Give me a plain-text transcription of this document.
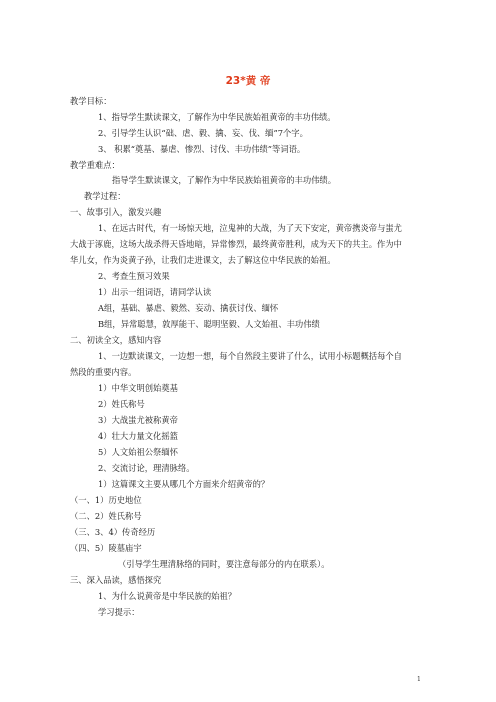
23*黄 帝
教学目标：
1、指导学生默读课文，了解作为中华民族始祖黄帝的丰功伟绩。
2、引导学生认识“础、虐、毅、擒、妄、伐、缅”7个字。
3、 积累“奠基、暴虐、惨烈、讨伐、丰功伟绩”等词语。
教学重难点：
指导学生默读课文，了解作为中华民族始祖黄帝的丰功伟绩。
教学过程：
一、故事引入，激发兴趣
1、在远古时代，有一场惊天地，泣鬼神的大战，为了天下安定，黄帝携炎帝与蚩尤
大战于涿鹿，这场大战杀得天昏地暗，异常惨烈，最终黄帝胜利，成为天下的共主。作为中
华儿女，作为炎黄子孙，让我们走进课文，去了解这位中华民族的始祖。
2、考查生预习效果
1）出示一组词语，请同学认读
A组，基础、暴虐、毅然、妄动、擒获讨伐、缅怀
B组，异常聪慧，敦厚能干、聪明坚毅、人文始祖、丰功伟绩
二、初读全文，感知内容
1、一边默读课文，一边想一想，每个自然段主要讲了什么，试用小标题概括每个自
然段的重要内容。
1）中华文明创始奠基
2）姓氏称号
3）大战蚩尤被称黄帝
4）壮大力量文化摇篮
5）人文始祖公祭缅怀
2、交流讨论，理清脉络。
1）这篇课文主要从哪几个方面来介绍黄帝的？
（一、1）历史地位
（二、2）姓氏称号
（三、3、4）传奇经历
（四、5）陵墓庙宇
（引导学生理清脉络的同时，要注意每部分的内在联系）。
三、深入品读，感悟探究
1、为什么说黄帝是中华民族的始祖？
学习提示：
1
